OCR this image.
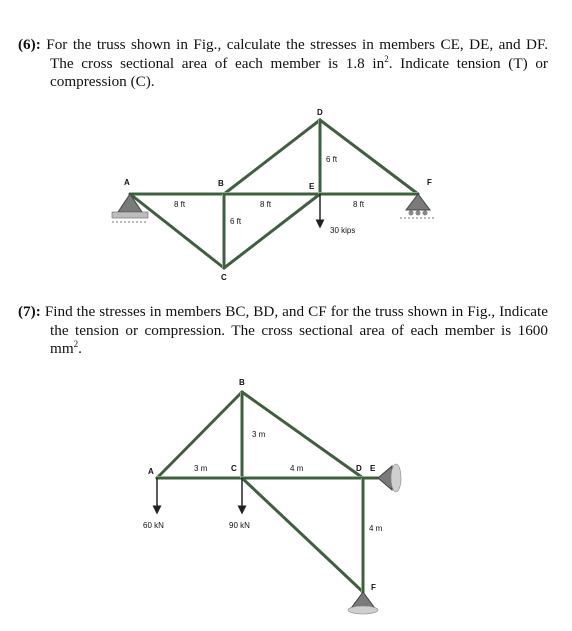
(6): For the truss shown in Fig., calculate the stresses in members CE, DE, and DF. The cross sectional area of each member is 1.8 $in^2$. Indicate tension (T) or compression (C).

(7): Find the stresses in members BC, BD, and CF for the truss shown in Fig., Indicate the tension or compression. The cross sectional area of each member is 1600 $mm^2$.

A	B
C
D
E	F
8 ft	8 ft	8 ft
6 ft
6 ft
30 kips
A
B
C	D E
F
3 m
3 m
4 m
4 m
60 kN	90 kN
